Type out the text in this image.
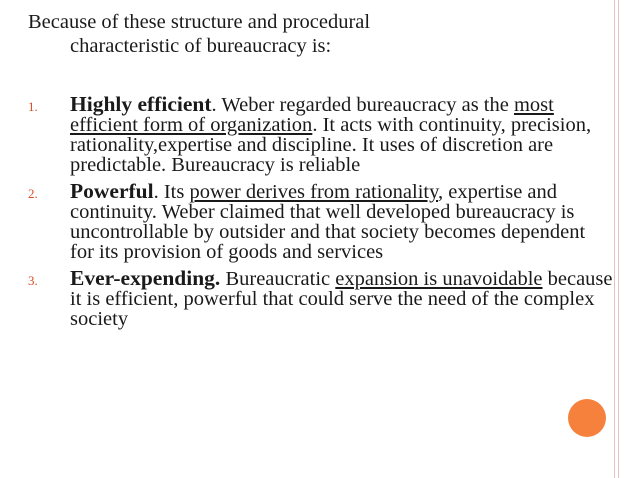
Because of these structure and procedural
characteristic of bureaucracy is:

1. Highly efficient. Weber regarded bureaucracy as the most efficient form of organization. It acts with continuity, precision, rationality,expertise and discipline. It uses of discretion are predictable. Bureaucracy is reliable
2. Powerful. Its power derives from rationality, expertise and continuity. Weber claimed that well developed bureaucracy is uncontrollable by outsider and that society becomes dependent for its provision of goods and services
3. Ever-expending. Bureaucratic expansion is unavoidable because it is efficient, powerful that could serve the need of the complex society
